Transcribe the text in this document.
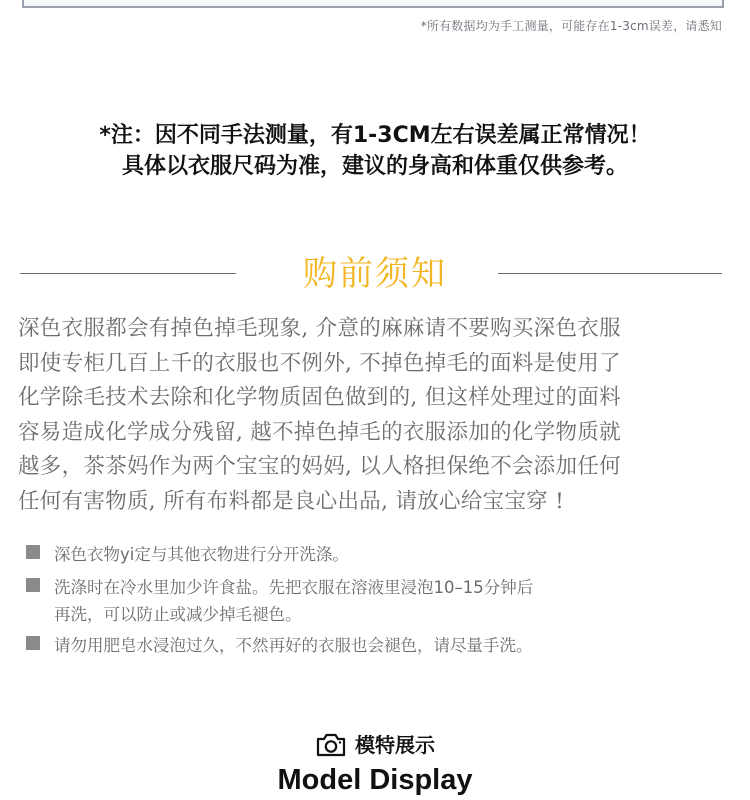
*所有数据均为手工测量，可能存在1-3cm误差，请悉知
*注：因不同手法测量，有1-3CM左右误差属正常情况！
具体以衣服尺码为准，建议的身高和体重仅供参考。
购前须知
深色衣服都会有掉色掉毛现象, 介意的麻麻请不要购买深色衣服
即使专柜几百上千的衣服也不例外, 不掉色掉毛的面料是使用了
化学除毛技术去除和化学物质固色做到的, 但这样处理过的面料
容易造成化学成分残留, 越不掉色掉毛的衣服添加的化学物质就
越多，茶茶妈作为两个宝宝的妈妈, 以人格担保绝不会添加任何
任何有害物质, 所有布料都是良心出品, 请放心给宝宝穿 !
深色衣物yi定与其他衣物进行分开洗涤。
洗涤时在冷水里加少许食盐。先把衣服在溶液里浸泡10–15分钟后
再洗，可以防止或减少掉毛褪色。
请勿用肥皂水浸泡过久，不然再好的衣服也会褪色，请尽量手洗。
模特展示
Model Display
